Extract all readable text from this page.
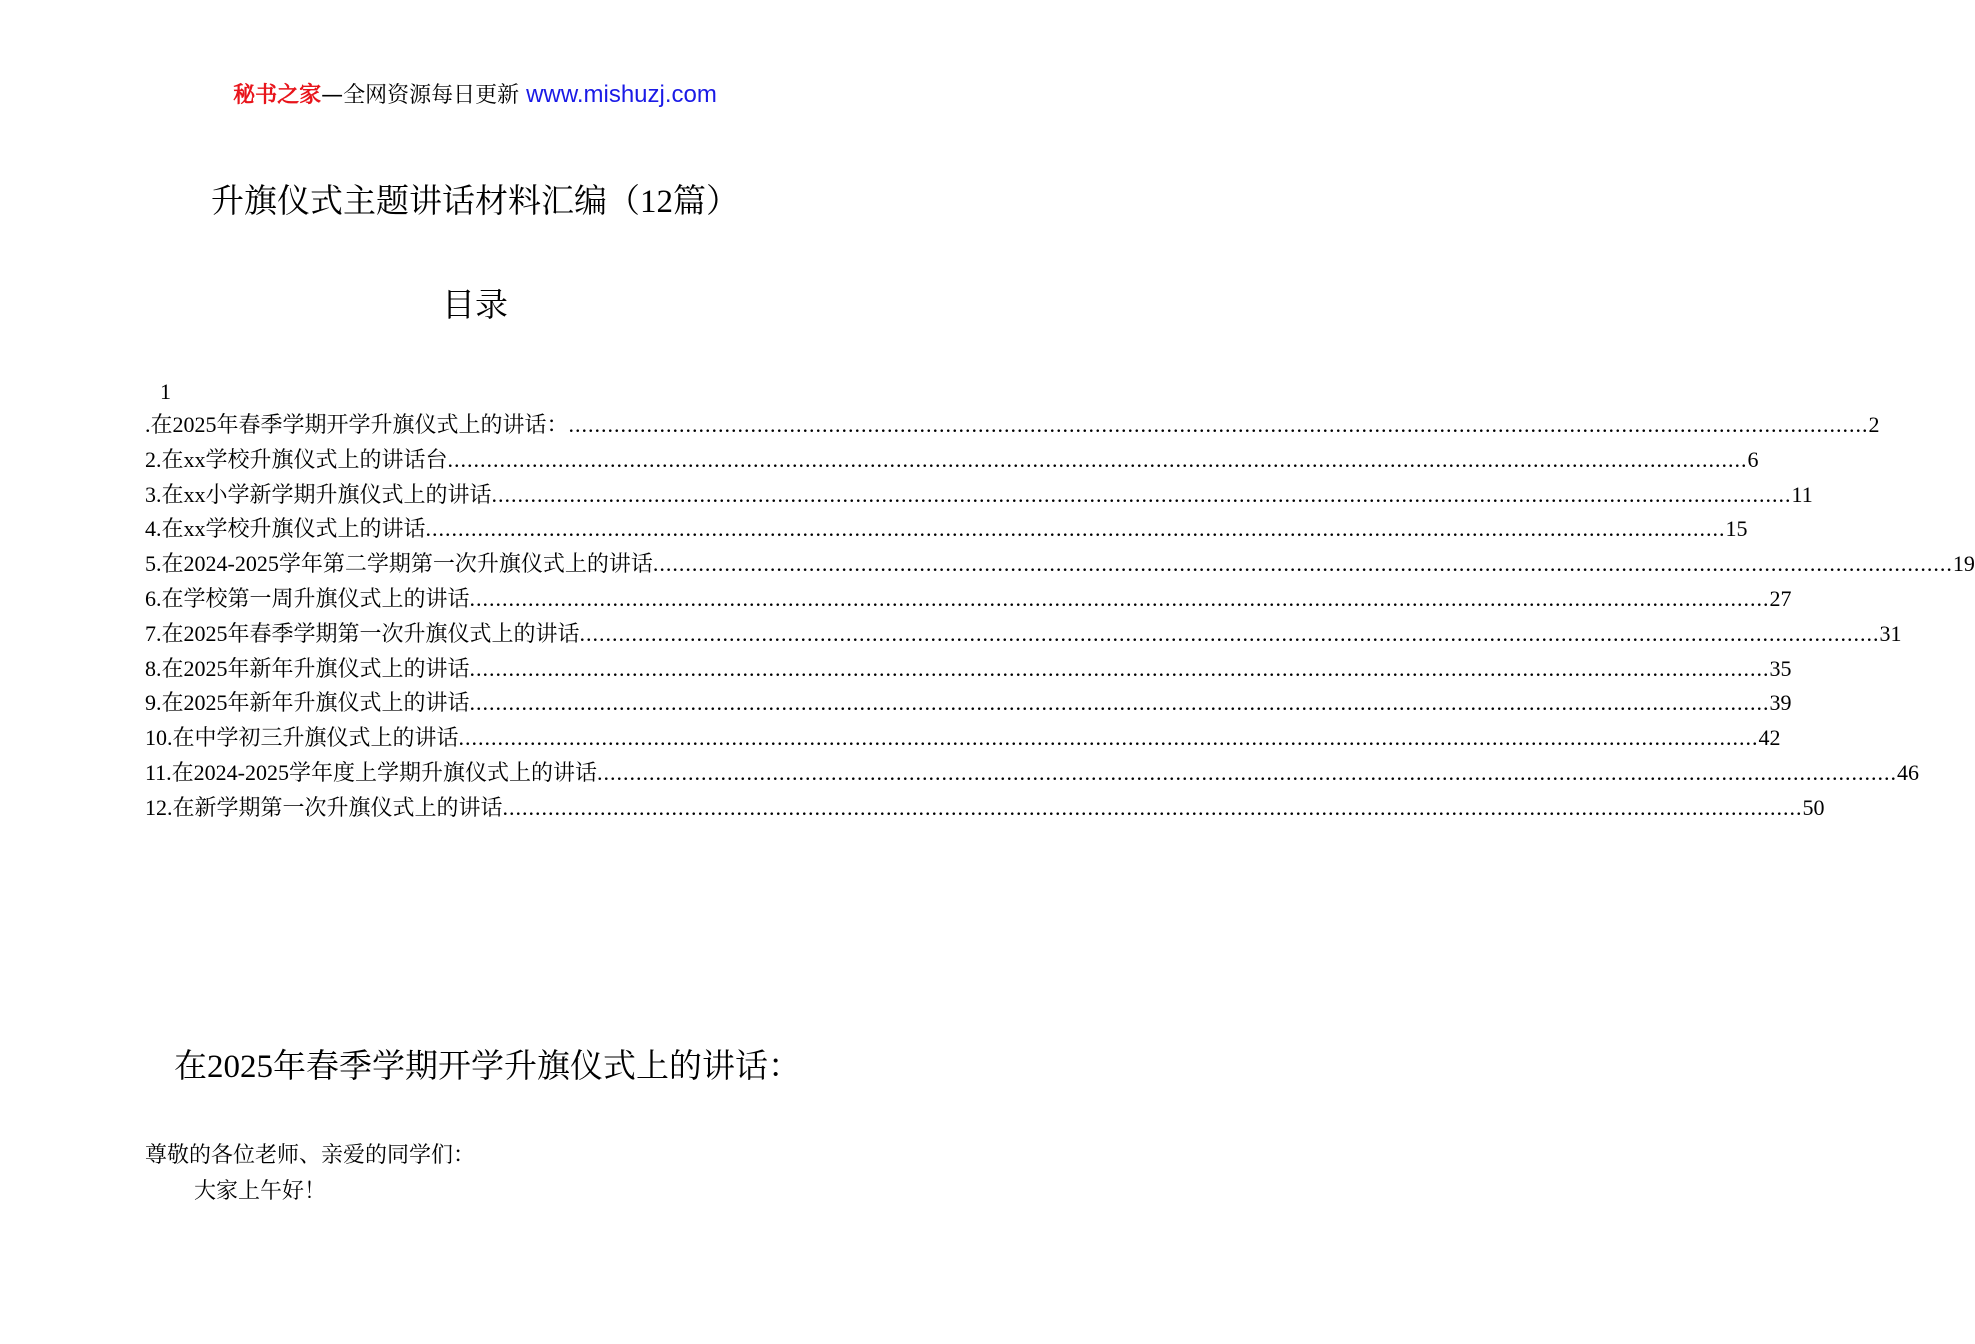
秘书之家—全网资源每日更新 www.mishuzj.com
升旗仪式主题讲话材料汇编（12篇）
目录
1
.在2025年春季学期开学升旗仪式上的讲话： ........................................................................................................................................................................................................ 2
2.在xx学校升旗仪式上的讲话台 ........................................................................................................................................................................................................ 6
3.在xx小学新学期升旗仪式上的讲话 ........................................................................................................................................................................................................ 11
4.在xx学校升旗仪式上的讲话 ........................................................................................................................................................................................................ 15
5.在2024-2025学年第二学期第一次升旗仪式上的讲话 ........................................................................................................................................................................................................ 19
6.在学校第一周升旗仪式上的讲话 ........................................................................................................................................................................................................ 27
7.在2025年春季学期第一次升旗仪式上的讲话 ........................................................................................................................................................................................................ 31
8.在2025年新年升旗仪式上的讲话 ........................................................................................................................................................................................................ 35
9.在2025年新年升旗仪式上的讲话 ........................................................................................................................................................................................................ 39
10.在中学初三升旗仪式上的讲话 ........................................................................................................................................................................................................ 42
11.在2024-2025学年度上学期升旗仪式上的讲话 ........................................................................................................................................................................................................ 46
12.在新学期第一次升旗仪式上的讲话 ........................................................................................................................................................................................................ 50
在2025年春季学期开学升旗仪式上的讲话：
尊敬的各位老师、亲爱的同学们：
大家上午好！
